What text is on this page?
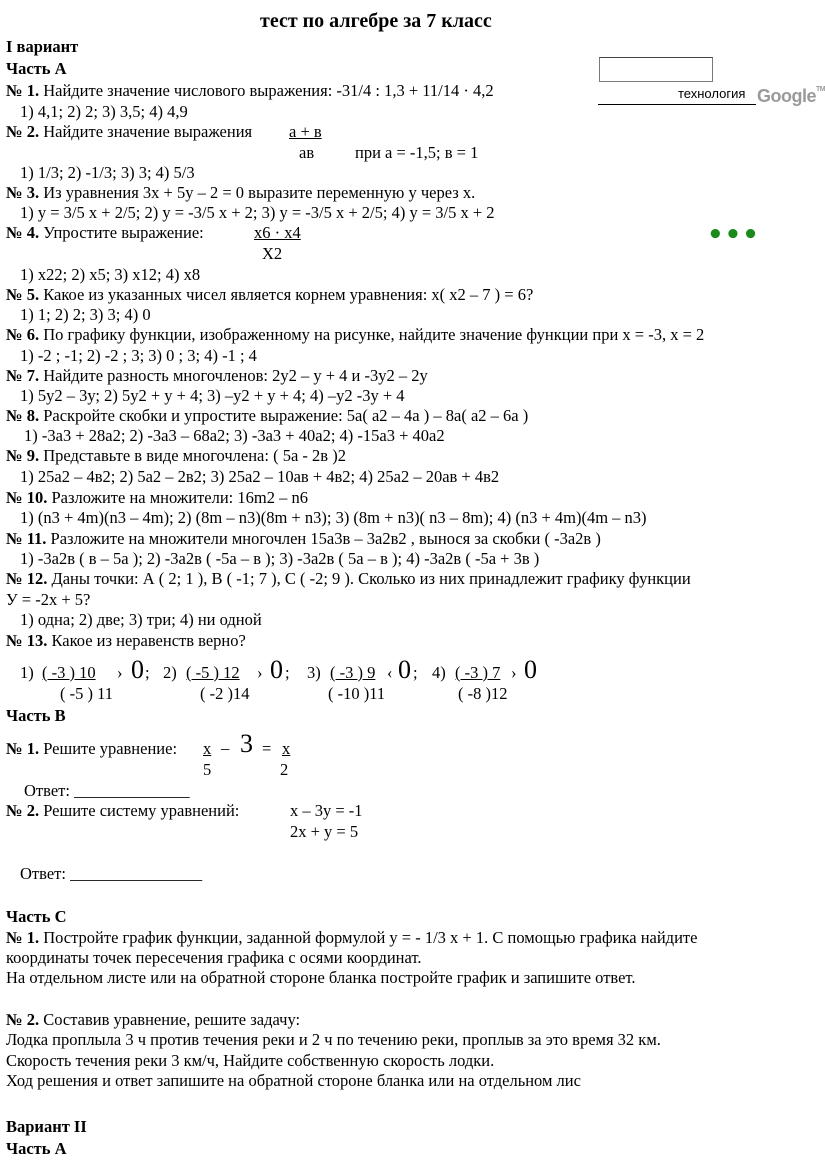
тест по алгебре за 7 класс
I вариант
Часть А
технология Google™
•••
№ 1. Найдите значение числового выражения: -31/4 : 1,3 + 11/14 · 4,2
1) 4,1; 2) 2; 3) 3,5; 4) 4,9
№ 2. Найдите значение выражения а + в
ав при а = -1,5; в = 1
1) 1/3; 2) -1/3; 3) 3; 4) 5/3
№ 3. Из уравнения 3х + 5у – 2 = 0 выразите переменную у через х.
1) у = 3/5 х + 2/5; 2) у = -3/5 х + 2; 3) у = -3/5 х + 2/5; 4) у = 3/5 х + 2
№ 4. Упростите выражение:	х6 · х4
Х2
1) х22; 2) х5; 3) х12; 4) х8
№ 5. Какое из указанных чисел является корнем уравнения: х( х2 – 7 ) = 6?
1) 1; 2) 2; 3) 3; 4) 0
№ 6. По графику функции, изображенному на рисунке, найдите значение функции при х = -3, х = 2
1) -2 ; -1; 2) -2 ; 3; 3) 0 ; 3; 4) -1 ; 4
№ 7. Найдите разность многочленов: 2у2 – у + 4 и -3у2 – 2у
1) 5у2 – 3у; 2) 5у2 + у + 4; 3) –у2 + у + 4; 4) –у2 -3у + 4
№ 8. Раскройте скобки и упростите выражение: 5а( а2 – 4а ) – 8а( а2 – 6а )
1) -3а3 + 28а2; 2) -3а3 – 68а2; 3) -3а3 + 40а2; 4) -15а3 + 40а2
№ 9. Представьте в виде многочлена: ( 5а - 2в )2
1) 25а2 – 4в2; 2) 5а2 – 2в2; 3) 25а2 – 10ав + 4в2; 4) 25а2 – 20ав + 4в2
№ 10. Разложите на множители: 16m2 – n6
1) (n3 + 4m)(n3 – 4m); 2) (8m – n3)(8m + n3); 3) (8m + n3)( n3 – 8m); 4) (n3 + 4m)(4m – n3)
№ 11. Разложите на множители многочлен 15а3в – 3а2в2 , вынося за скобки ( -3а2в )
1) -3а2в ( в – 5а ); 2) -3а2в ( -5а – в ); 3) -3а2в ( 5а – в ); 4) -3а2в ( -5а + 3в )
№ 12. Даны точки: А ( 2; 1 ), В ( -1; 7 ), С ( -2; 9 ). Сколько из них принадлежит графику функции
У = -2х + 5?
1) одна; 2) две; 3) три; 4) ни одной
№ 13. Какое из неравенств верно?
1) ( -3 ) 10 › 0 ;
( -5 ) 11
2) ( -5 ) 12 › 0 ;
( -2 )14
3) ( -3 ) 9 ‹ 0 ;
( -10 )11
4) ( -3 ) 7 › 0
( -8 )12
Часть В
№ 1. Решите уравнение: х _ 3 = х
5	2
Ответ: ______________
№ 2. Решите систему уравнений:	х – 3у = -1
2х + у = 5
Ответ: ________________
Часть С
№ 1. Постройте график функции, заданной формулой у = - 1/3 х + 1. С помощью графика найдите
координаты точек пересечения графика с осями координат.
На отдельном листе или на обратной стороне бланка постройте график и запишите ответ.
№ 2. Составив уравнение, решите задачу:
Лодка проплыла 3 ч против течения реки и 2 ч по течению реки, проплыв за это время 32 км.
Скорость течения реки 3 км/ч, Найдите собственную скорость лодки.
Ход решения и ответ запишите на обратной стороне бланка или на отдельном лис
Вариант II
Часть А
